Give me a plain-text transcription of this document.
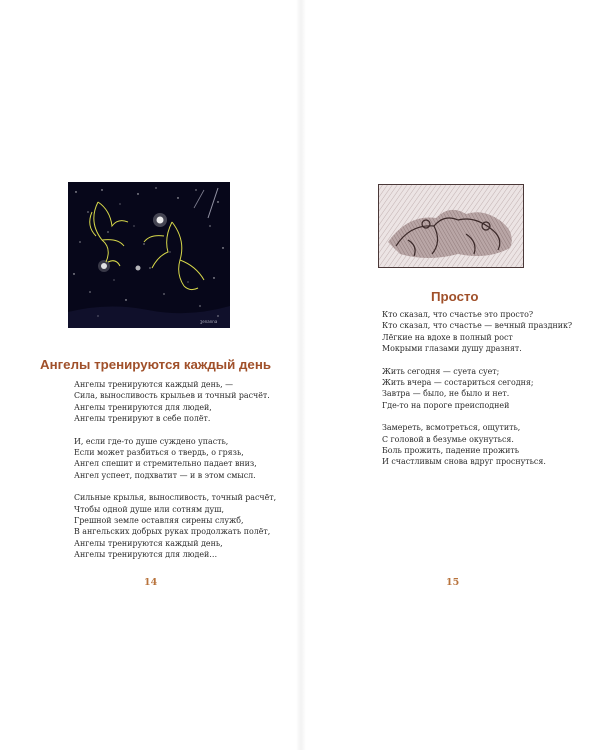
ʒenanna
Ангелы тренируются каждый день
Ангелы тренируются каждый день, —
Сила, выносливость крыльев и точный расчёт.
Ангелы тренируются для людей,
Ангелы тренируют в себе полёт.
И, если где-то душе суждено упасть,
Если может разбиться о твердь, о грязь,
Ангел спешит и стремительно падает вниз,
Ангел успеет, подхватит — и в этом смысл.
Сильные крылья, выносливость, точный расчёт,
Чтобы одной душе или сотням душ,
Грешной земле оставляя сирены служб,
В ангельских добрых руках продолжать полёт,
Ангелы тренируются каждый день,
Ангелы тренируются для людей…
14
Просто
Кто сказал, что счастье это просто?
Кто сказал, что счастье — вечный праздник?
Лёгкие на вдохе в полный рост
Мокрыми глазами душу дразнят.
Жить сегодня — суета сует;
Жить вчера — состариться сегодня;
Завтра — было, не было и нет.
Где-то на пороге преисподней
Замереть, всмотреться, ощутить,
С головой в безумье окунуться.
Боль прожить, падение прожить
И счастливым снова вдруг проснуться.
15
